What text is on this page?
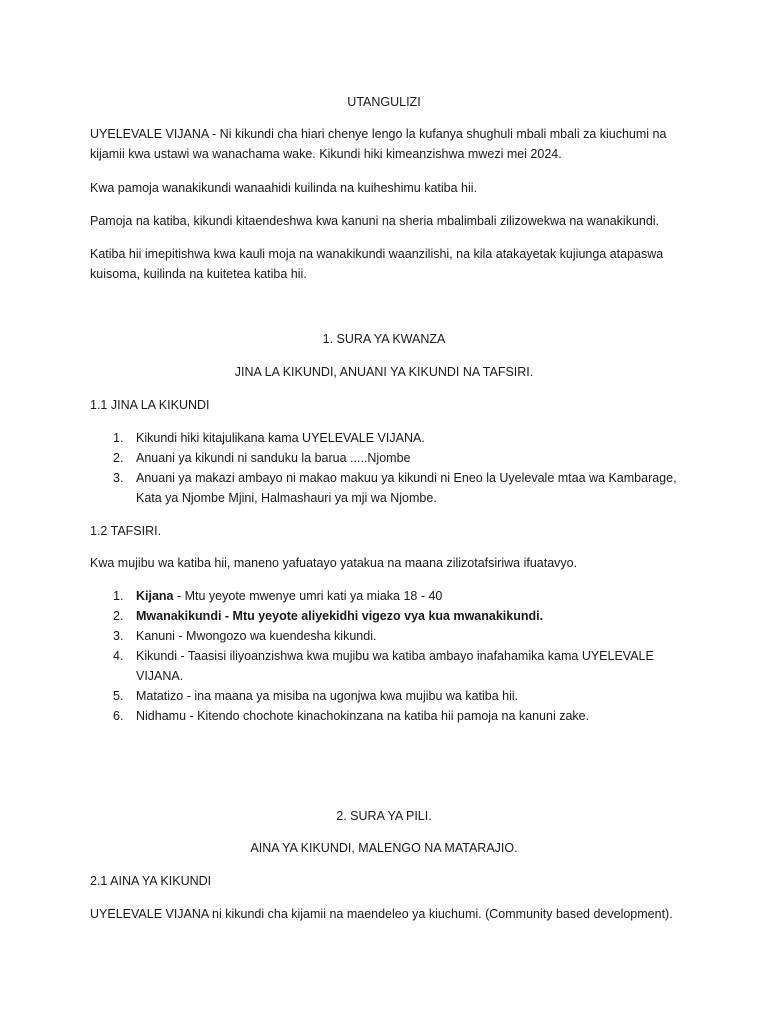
UTANGULIZI

UYELEVALE VIJANA - Ni kikundi cha hiari chenye lengo la kufanya shughuli mbali mbali za kiuchumi na kijamii kwa ustawi wa wanachama wake. Kikundi hiki kimeanzishwa mwezi mei 2024.

Kwa pamoja wanakikundi wanaahidi kuilinda na kuiheshimu katiba hii.

Pamoja na katiba, kikundi kitaendeshwa kwa kanuni na sheria mbalimbali zilizowekwa na wanakikundi.

Katiba hii imepitishwa kwa kauli moja na wanakikundi waanzilishi, na kila atakayetak kujiunga atapaswa kuisoma, kuilinda na kuitetea katiba hii.

1. SURA YA KWANZA

JINA LA KIKUNDI, ANUANI YA KIKUNDI NA TAFSIRI.

1.1 JINA LA KIKUNDI

1. Kikundi hiki kitajulikana kama UYELEVALE VIJANA.
2. Anuani ya kikundi ni sanduku la barua .....Njombe
3. Anuani ya makazi ambayo ni makao makuu ya kikundi ni Eneo la Uyelevale mtaa wa Kambarage, Kata ya Njombe Mjini, Halmashauri ya mji wa Njombe.

1.2 TAFSIRI.

Kwa mujibu wa katiba hii, maneno yafuatayo yatakua na maana zilizotafsiriwa ifuatavyo.

1. Kijana - Mtu yeyote mwenye umri kati ya miaka 18 - 40
2. Mwanakikundi - Mtu yeyote aliyekidhi vigezo vya kua mwanakikundi.
3. Kanuni - Mwongozo wa kuendesha kikundi.
4. Kikundi - Taasisi iliyoanzishwa kwa mujibu wa katiba ambayo inafahamika kama UYELEVALE VIJANA.
5. Matatizo - ina maana ya misiba na ugonjwa kwa mujibu wa katiba hii.
6. Nidhamu - Kitendo chochote kinachokinzana na katiba hii pamoja na kanuni zake.

2. SURA YA PILI.

AINA YA KIKUNDI, MALENGO NA MATARAJIO.

2.1 AINA YA KIKUNDI

UYELEVALE VIJANA ni kikundi cha kijamii na maendeleo ya kiuchumi. (Community based development).
